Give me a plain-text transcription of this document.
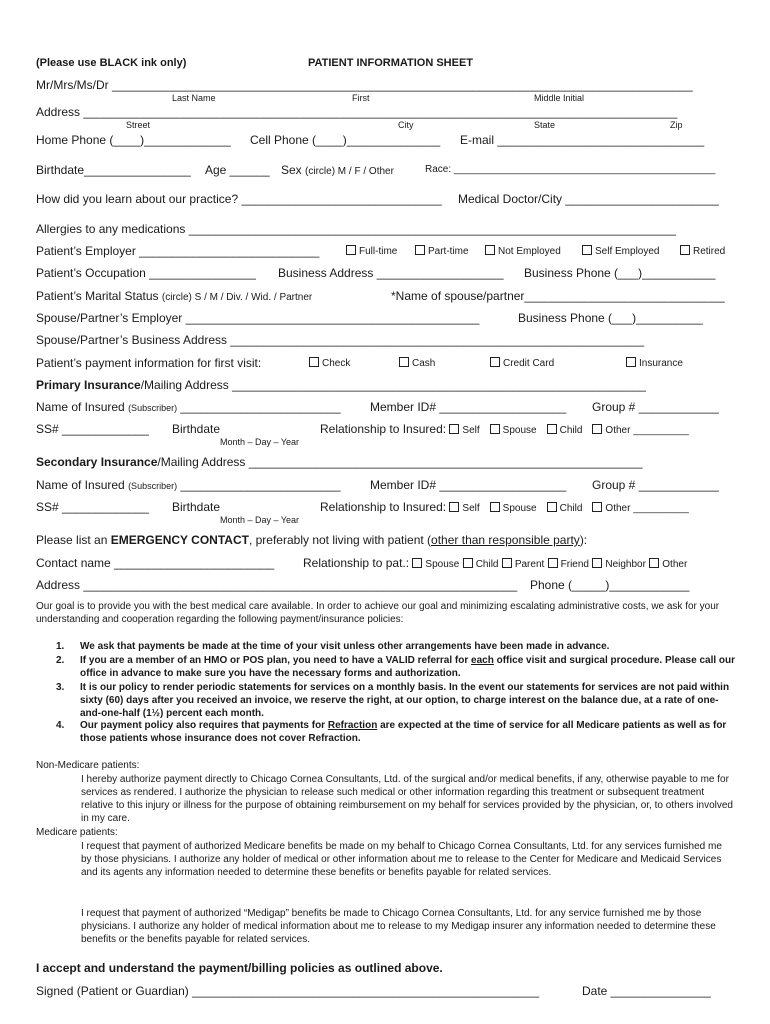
(Please use BLACK ink only)	PATIENT INFORMATION SHEET
Mr/Mrs/Ms/Dr _______________________________________________________________________________________
Last Name	First	Middle Initial
Address _________________________________________________________________________________________
Street	City	State	Zip
Home Phone (____)_____________ Cell Phone (____)______________ E-mail _______________________________
Birthdate________________ Age ______ Sex (circle) M / F / Other	Race: _______________________________________________
How did you learn about our practice? ______________________________ Medical Doctor/City _______________________
Allergies to any medications _________________________________________________________________________
Patient’s Employer ___________________________	Full-time	Part-time	Not Employed	Self Employed	Retired
Patient’s Occupation ________________ Business Address ___________________ Business Phone (___)___________
Patient’s Marital Status (circle) S / M / Div. / Wid. / Partner	*Name of spouse/partner______________________________
Spouse/Partner’s Employer ____________________________________________	Business Phone (___)__________
Spouse/Partner’s Business Address ______________________________________________________________
Patient’s payment information for first visit:	Check	Cash	Credit Card	Insurance
Primary Insurance/Mailing Address ______________________________________________________________
Name of Insured (Subscriber) ________________________ Member ID# ___________________ Group # ____________
SS# _____________ Birthdate
Month – Day – Year
Relationship to Insured: Self Spouse Child Other __________
Secondary Insurance/Mailing Address ___________________________________________________________
Name of Insured (Subscriber) ________________________ Member ID# ___________________ Group # ____________
SS# _____________ Birthdate
Month – Day – Year
Relationship to Insured: Self Spouse Child Other __________
Please list an EMERGENCY CONTACT, preferably not living with patient (other than responsible party):
Contact name ________________________ Relationship to pat.: Spouse Child Parent Friend Neighbor Other
Address _________________________________________________________________ Phone (_____)____________
Our goal is to provide you with the best medical care available. In order to achieve our goal and minimizing escalating administrative costs, we ask for your understanding and cooperation regarding the following payment/insurance policies:
1. We ask that payments be made at the time of your visit unless other arrangements have been made in advance.
2. If you are a member of an HMO or POS plan, you need to have a VALID referral for each office visit and surgical procedure. Please call our office in advance to make sure you have the necessary forms and authorization.
3. It is our policy to render periodic statements for services on a monthly basis. In the event our statements for services are not paid within sixty (60) days after you received an invoice, we reserve the right, at our option, to charge interest on the balance due, at a rate of one-and-one-half (1½) percent each month.
4. Our payment policy also requires that payments for Refraction are expected at the time of service for all Medicare patients as well as for those patients whose insurance does not cover Refraction.
Non-Medicare patients:
I hereby authorize payment directly to Chicago Cornea Consultants, Ltd. of the surgical and/or medical benefits, if any, otherwise payable to me for services as rendered. I authorize the physician to release such medical or other information regarding this treatment or subsequent treatment relative to this injury or illness for the purpose of obtaining reimbursement on my behalf for services provided by the physician, or, to others involved in my care.
Medicare patients:
I request that payment of authorized Medicare benefits be made on my behalf to Chicago Cornea Consultants, Ltd. for any services furnished me by those physicians. I authorize any holder of medical or other information about me to release to the Center for Medicare and Medicaid Services and its agents any information needed to determine these benefits or benefits payable for related services.
I request that payment of authorized “Medigap” benefits be made to Chicago Cornea Consultants, Ltd. for any service furnished me by those physicians. I authorize any holder of medical information about me to release to my Medigap insurer any information needed to determine these benefits or the benefits payable for related services.
I accept and understand the payment/billing policies as outlined above.
Signed (Patient or Guardian) ____________________________________________________	Date _______________
